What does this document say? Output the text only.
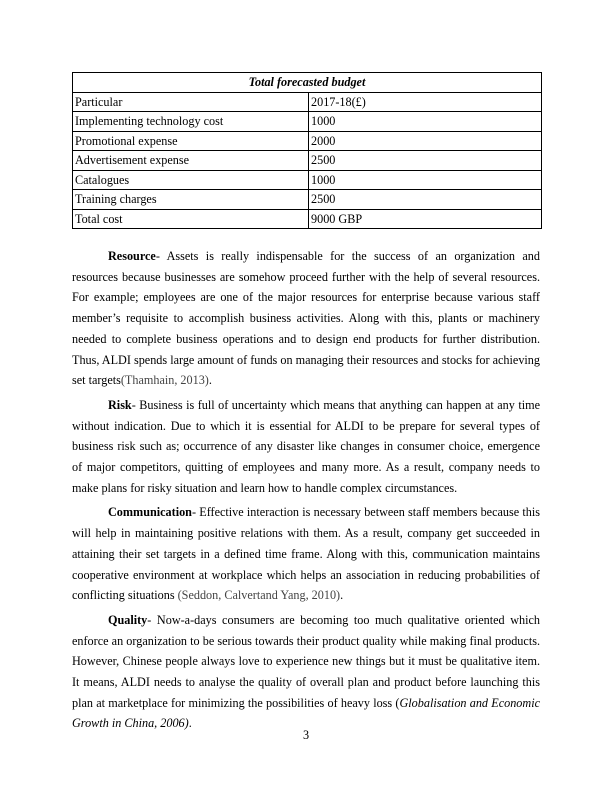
Total forecasted budget	
Particular	2017-18(£)
Implementing technology cost	1000
Promotional expense	2000
Advertisement expense	2500
Catalogues	1000
Training charges	2500
Total cost	9000 GBP

Resource- Assets is really indispensable for the success of an organization and resources because businesses are somehow proceed further with the help of several resources. For example; employees are one of the major resources for enterprise because various staff member’s requisite to accomplish business activities. Along with this, plants or machinery needed to complete business operations and to design end products for further distribution. Thus, ALDI spends large amount of funds on managing their resources and stocks for achieving set targets(Thamhain, 2013).

Risk- Business is full of uncertainty which means that anything can happen at any time without indication. Due to which it is essential for ALDI to be prepare for several types of business risk such as; occurrence of any disaster like changes in consumer choice, emergence of major competitors, quitting of employees and many more. As a result, company needs to make plans for risky situation and learn how to handle complex circumstances.

Communication- Effective interaction is necessary between staff members because this will help in maintaining positive relations with them. As a result, company get succeeded in attaining their set targets in a defined time frame. Along with this, communication maintains cooperative environment at workplace which helps an association in reducing probabilities of conflicting situations (Seddon, Calvertand Yang, 2010).

Quality- Now-a-days consumers are becoming too much qualitative oriented which enforce an organization to be serious towards their product quality while making final products. However, Chinese people always love to experience new things but it must be qualitative item. It means, ALDI needs to analyse the quality of overall plan and product before launching this plan at marketplace for minimizing the possibilities of heavy loss (Globalisation and Economic Growth in China, 2006).

3
